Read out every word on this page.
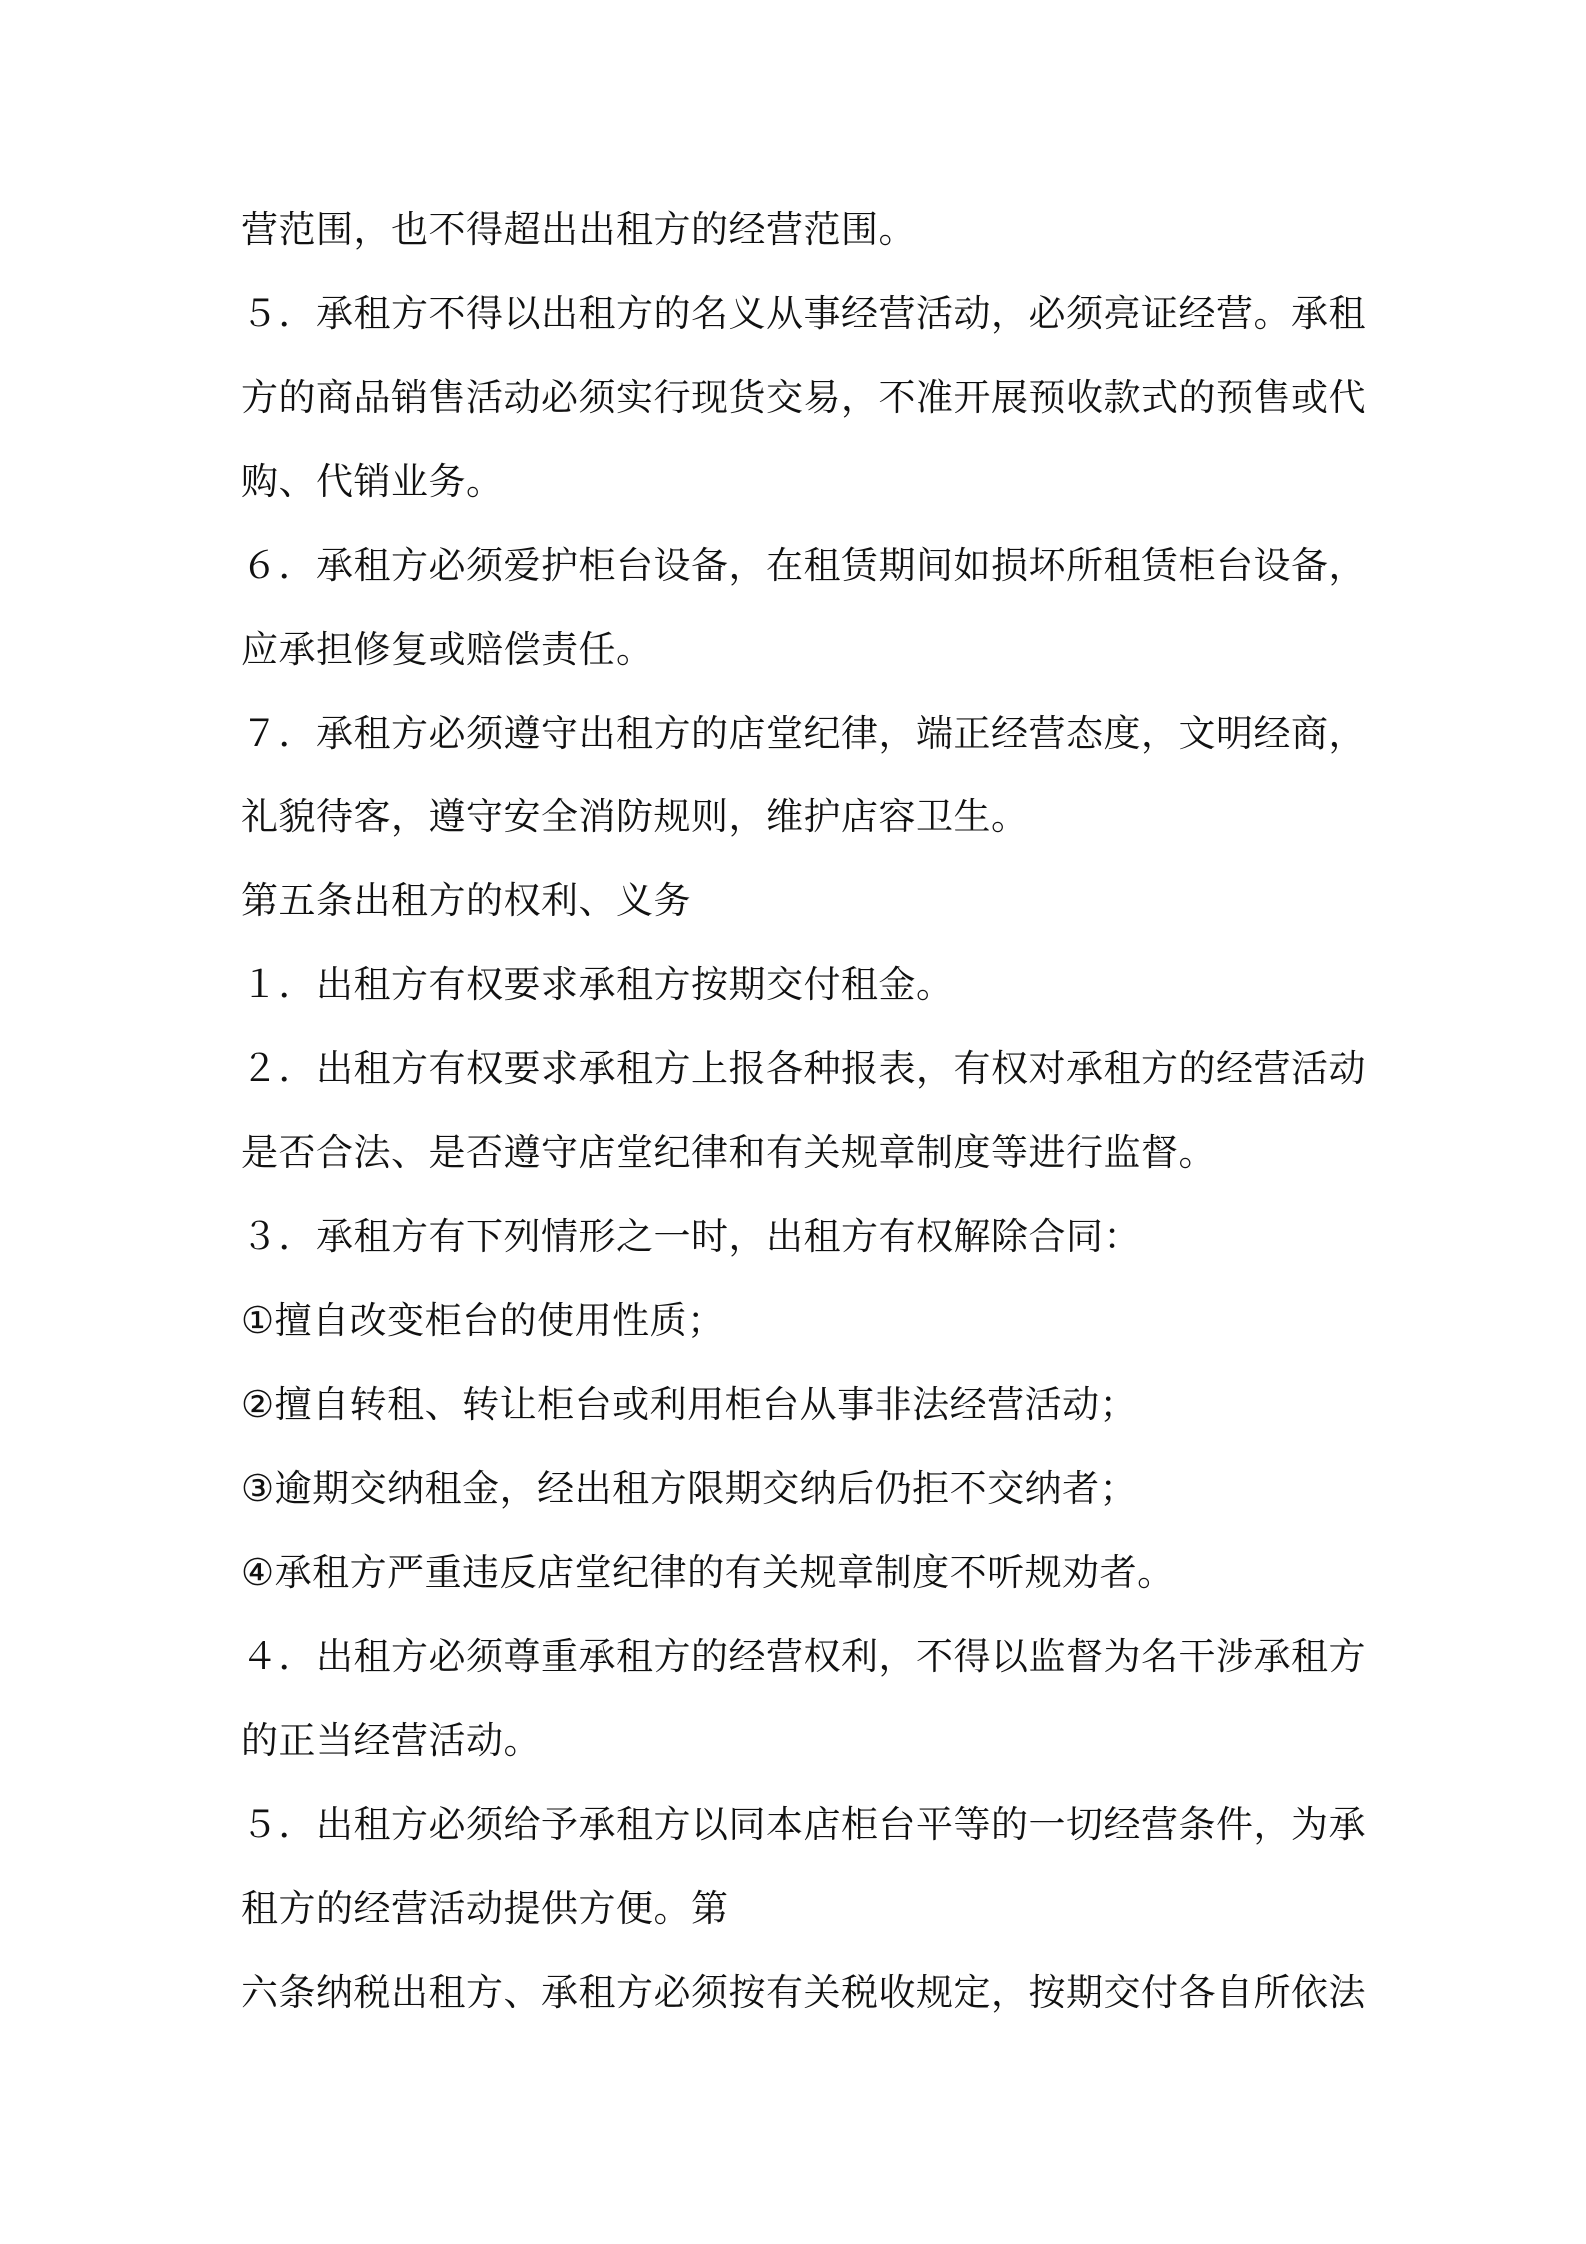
营范围，也不得超出出租方的经营范围。
５．承租方不得以出租方的名义从事经营活动，必须亮证经营。承租
方的商品销售活动必须实行现货交易，不准开展预收款式的预售或代
购、代销业务。
６．承租方必须爱护柜台设备，在租赁期间如损坏所租赁柜台设备，
应承担修复或赔偿责任。
７．承租方必须遵守出租方的店堂纪律，端正经营态度，文明经商，
礼貌待客，遵守安全消防规则，维护店容卫生。
第五条出租方的权利、义务
１．出租方有权要求承租方按期交付租金。
２．出租方有权要求承租方上报各种报表，有权对承租方的经营活动
是否合法、是否遵守店堂纪律和有关规章制度等进行监督。
３．承租方有下列情形之一时，出租方有权解除合同：
①擅自改变柜台的使用性质；
②擅自转租、转让柜台或利用柜台从事非法经营活动；
③逾期交纳租金，经出租方限期交纳后仍拒不交纳者；
④承租方严重违反店堂纪律的有关规章制度不听规劝者。
４．出租方必须尊重承租方的经营权利，不得以监督为名干涉承租方
的正当经营活动。
５．出租方必须给予承租方以同本店柜台平等的一切经营条件，为承
租方的经营活动提供方便。第
六条纳税出租方、承租方必须按有关税收规定，按期交付各自所依法
